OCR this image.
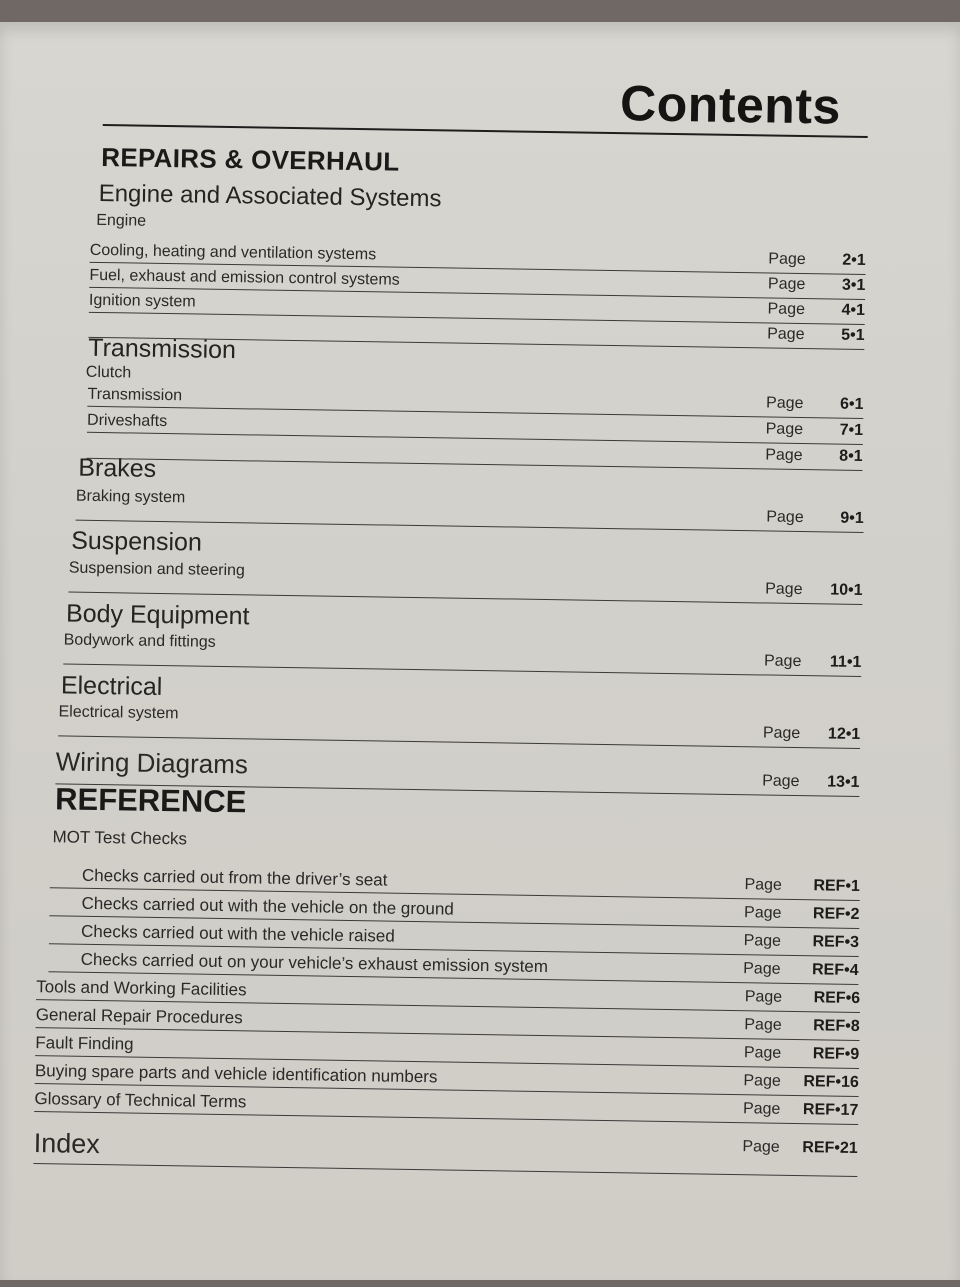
Contents
REPAIRS & OVERHAUL
Engine and Associated Systems
Engine
Cooling, heating and ventilation systems	Page	2•1
Fuel, exhaust and emission control systems	Page	3•1
Ignition system	Page	4•1
Page	5•1
Transmission
Clutch
Transmission	Page	6•1
Driveshafts	Page	7•1
Page	8•1
Brakes
Braking system
Page	9•1
Suspension
Suspension and steering
Page	10•1
Body Equipment
Bodywork and fittings
Page	11•1
Electrical
Electrical system
Page	12•1
Wiring Diagrams
Page	13•1
REFERENCE
MOT Test Checks
Checks carried out from the driver’s seat	Page	REF•1
Checks carried out with the vehicle on the ground	Page	REF•2
Checks carried out with the vehicle raised	Page	REF•3
Checks carried out on your vehicle’s exhaust emission system	Page	REF•4
Tools and Working Facilities	Page	REF•6
General Repair Procedures	Page	REF•8
Fault Finding	Page	REF•9
Buying spare parts and vehicle identification numbers	Page REF•16
Glossary of Technical Terms	Page REF•17
Index	Page REF•21
